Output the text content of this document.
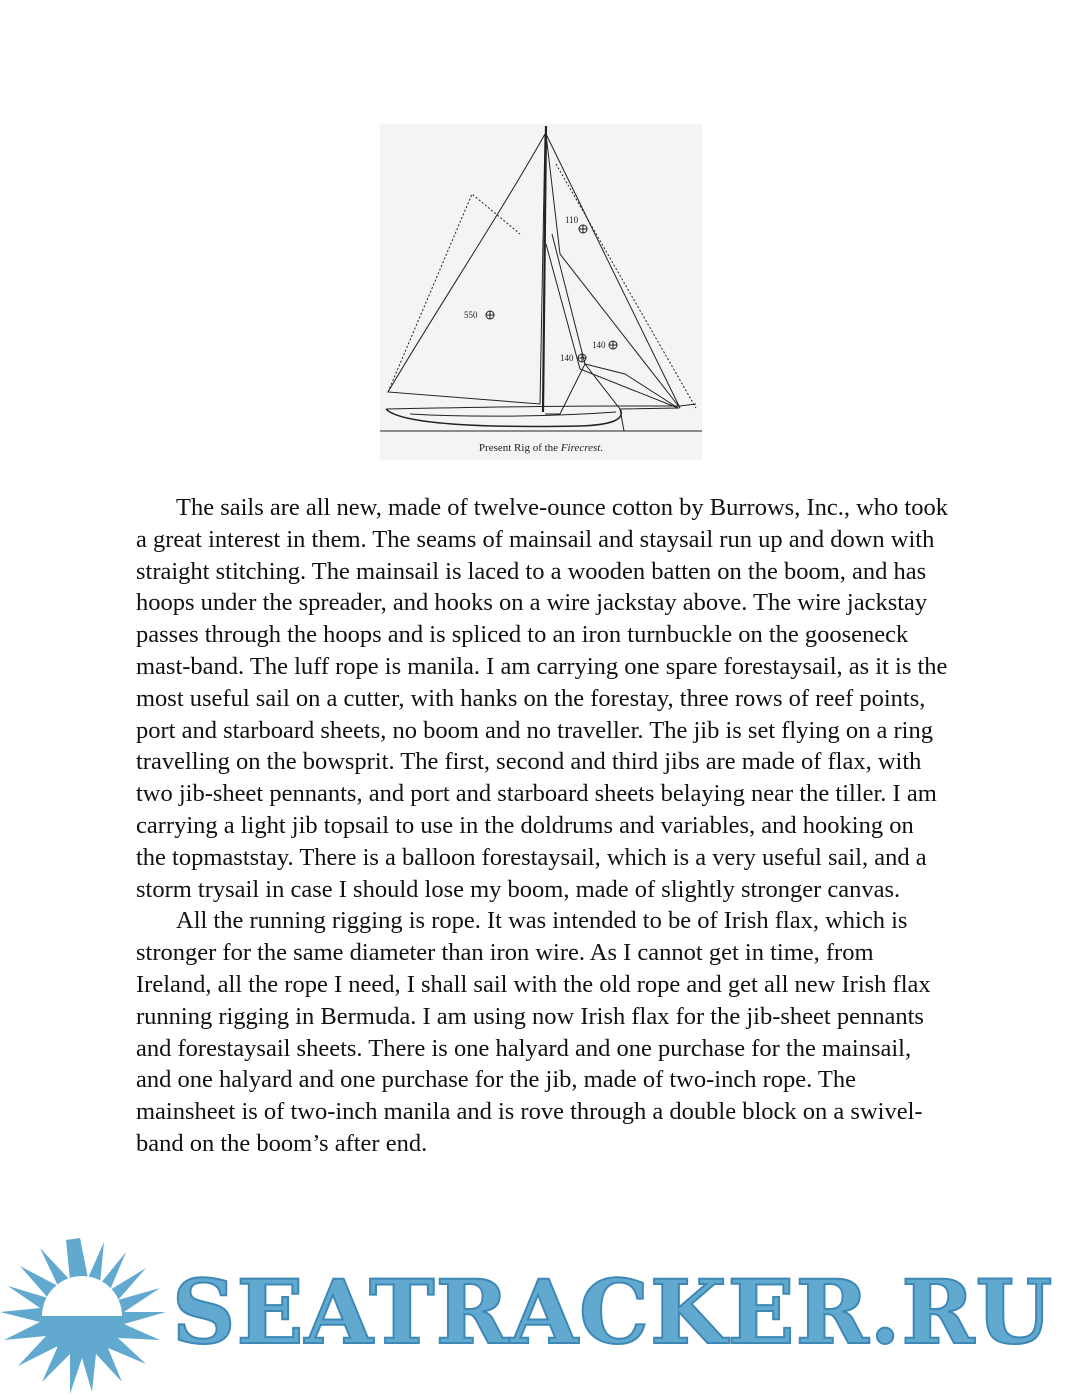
110
550
140
140
Present Rig of the Firecrest.

The sails are all new, made of twelve-ounce cotton by Burrows, Inc., who took a great interest in them. The seams of mainsail and staysail run up and down with straight stitching. The mainsail is laced to a wooden batten on the boom, and has hoops under the spreader, and hooks on a wire jackstay above. The wire jackstay passes through the hoops and is spliced to an iron turnbuckle on the gooseneck mast-band. The luff rope is manila. I am carrying one spare forestaysail, as it is the most useful sail on a cutter, with hanks on the forestay, three rows of reef points, port and starboard sheets, no boom and no traveller. The jib is set flying on a ring travelling on the bowsprit. The first, second and third jibs are made of flax, with two jib-sheet pennants, and port and starboard sheets belaying near the tiller. I am carrying a light jib topsail to use in the doldrums and variables, and hooking on the topmaststay. There is a balloon forestaysail, which is a very useful sail, and a storm trysail in case I should lose my boom, made of slightly stronger canvas.

All the running rigging is rope. It was intended to be of Irish flax, which is stronger for the same diameter than iron wire. As I cannot get in time, from Ireland, all the rope I need, I shall sail with the old rope and get all new Irish flax running rigging in Bermuda. I am using now Irish flax for the jib-sheet pennants and forestaysail sheets. There is one halyard and one purchase for the mainsail, and one halyard and one purchase for the jib, made of two-inch rope. The mainsheet is of two-inch manila and is rove through a double block on a swivel-band on the boom’s after end.

SEATRACKER.RU
